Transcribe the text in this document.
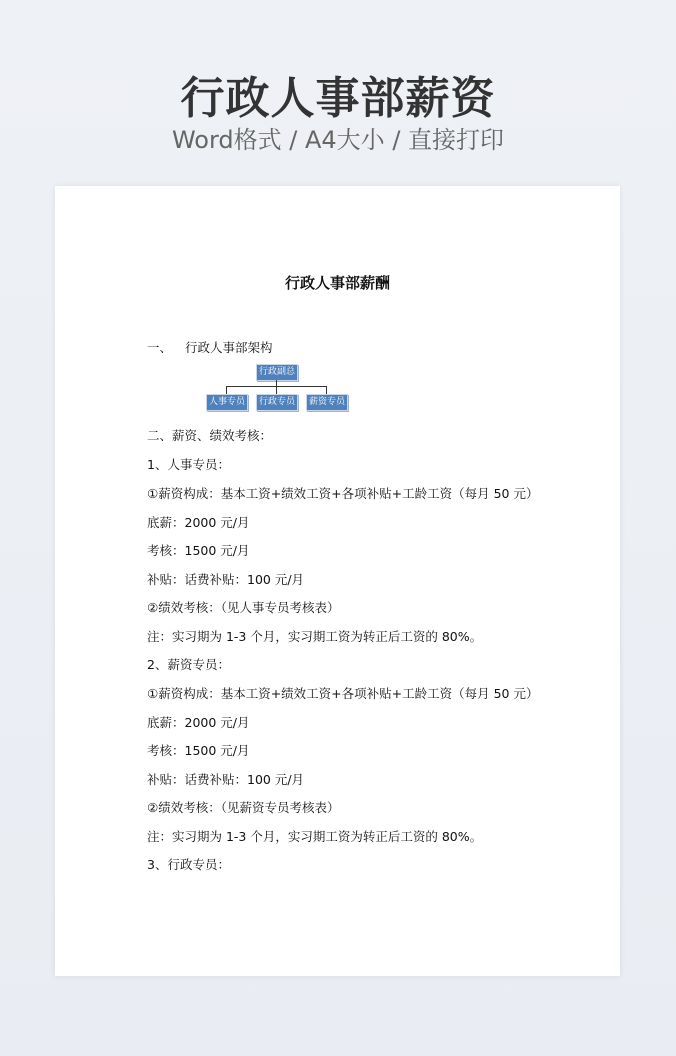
行政人事部薪资
Word格式 / A4大小 / 直接打印
行政人事部薪酬
一、 行政人事部架构
行政副总
人事专员	行政专员	薪资专员
二、薪资、绩效考核：
1、人事专员：
①薪资构成：基本工资+绩效工资+各项补贴+工龄工资（每月 50 元）
底薪：2000 元/月
考核：1500 元/月
补贴：话费补贴：100 元/月
②绩效考核：（见人事专员考核表）
注：实习期为 1-3 个月，实习期工资为转正后工资的 80%。
2、薪资专员：
①薪资构成：基本工资+绩效工资+各项补贴+工龄工资（每月 50 元）
底薪：2000 元/月
考核：1500 元/月
补贴：话费补贴：100 元/月
②绩效考核：（见薪资专员考核表）
注：实习期为 1-3 个月，实习期工资为转正后工资的 80%。
3、行政专员：
